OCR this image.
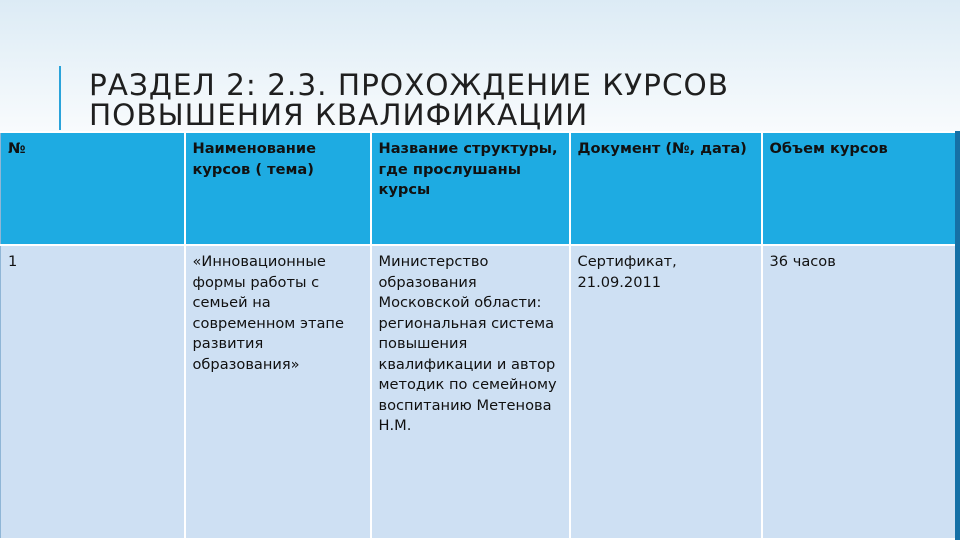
РАЗДЕЛ 2: 2.3. ПРОХОЖДЕНИЕ КУРСОВ
ПОВЫШЕНИЯ КВАЛИФИКАЦИИ
№	Наименование курсов ( тема)	Название структуры, где прослушаны курсы	Документ (№, дата)	Объем курсов
1	«Инновационные формы работы с семьей на современном этапе развития образования»	Министерство образования Московской области: региональная система повышения квалификации и автор методик по семейному воспитанию Метенова Н.М.	Сертификат, 21.09.2011	36 часов
